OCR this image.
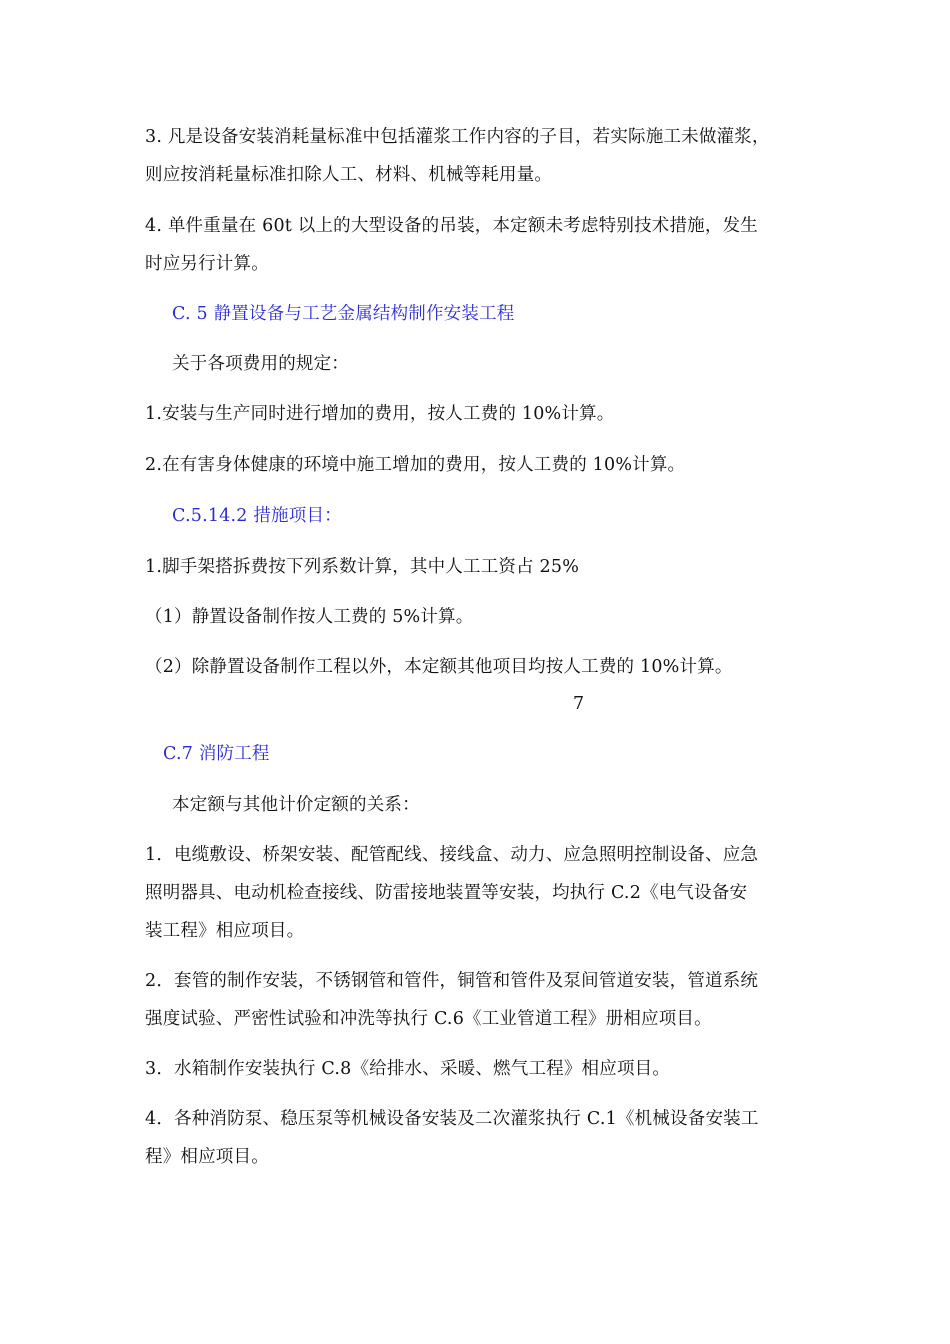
3. 凡是设备安装消耗量标准中包括灌浆工作内容的子目，若实际施工未做灌浆，
则应按消耗量标准扣除人工、材料、机械等耗用量。
4. 单件重量在 60t 以上的大型设备的吊装，本定额未考虑特别技术措施，发生
时应另行计算。
C. 5 静置设备与工艺金属结构制作安装工程
关于各项费用的规定：
1.安装与生产同时进行增加的费用，按人工费的 10%计算。
2.在有害身体健康的环境中施工增加的费用，按人工费的 10%计算。
C.5.14.2 措施项目：
1.脚手架搭拆费按下列系数计算，其中人工工资占 25%
（1）静置设备制作按人工费的 5%计算。
（2）除静置设备制作工程以外，本定额其他项目均按人工费的 10%计算。
7
C.7 消防工程
本定额与其他计价定额的关系：
1．电缆敷设、桥架安装、配管配线、接线盒、动力、应急照明控制设备、应急
照明器具、电动机检查接线、防雷接地装置等安装，均执行 C.2《电气设备安
装工程》相应项目。
2．套管的制作安装，不锈钢管和管件，铜管和管件及泵间管道安装，管道系统
强度试验、严密性试验和冲洗等执行 C.6《工业管道工程》册相应项目。
3．水箱制作安装执行 C.8《给排水、采暖、燃气工程》相应项目。
4．各种消防泵、稳压泵等机械设备安装及二次灌浆执行 C.1《机械设备安装工
程》相应项目。
